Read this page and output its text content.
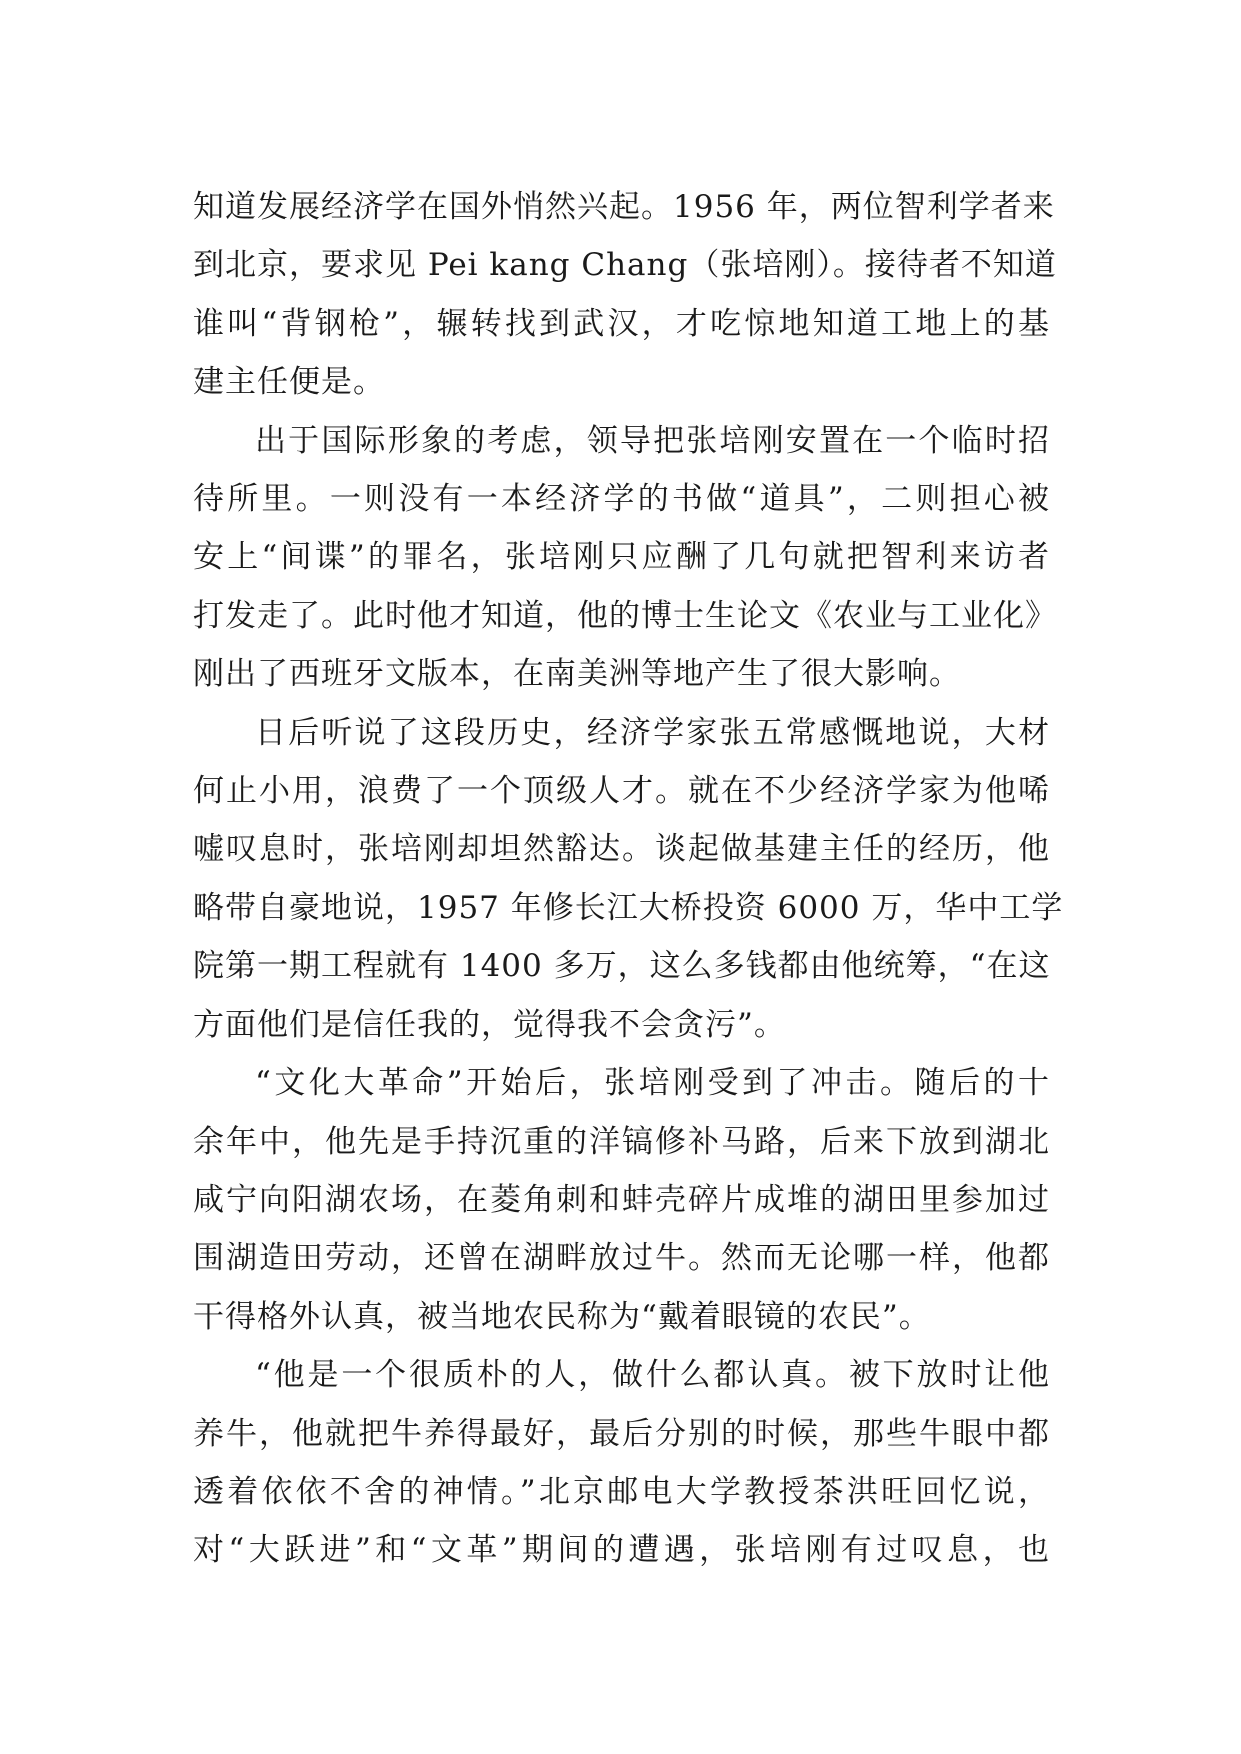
知道发展经济学在国外悄然兴起。1956 年，两位智利学者来
到北京，要求见 Pei kang Chang（张培刚）。接待者不知道
谁叫“背钢枪”，辗转找到武汉，才吃惊地知道工地上的基
建主任便是。
出于国际形象的考虑，领导把张培刚安置在一个临时招
待所里。一则没有一本经济学的书做“道具”，二则担心被
安上“间谍”的罪名，张培刚只应酬了几句就把智利来访者
打发走了。此时他才知道，他的博士生论文《农业与工业化》
刚出了西班牙文版本，在南美洲等地产生了很大影响。
日后听说了这段历史，经济学家张五常感慨地说，大材
何止小用，浪费了一个顶级人才。就在不少经济学家为他唏
嘘叹息时，张培刚却坦然豁达。谈起做基建主任的经历，他
略带自豪地说，1957 年修长江大桥投资 6000 万，华中工学
院第一期工程就有 1400 多万，这么多钱都由他统筹，“在这
方面他们是信任我的，觉得我不会贪污”。
“文化大革命”开始后，张培刚受到了冲击。随后的十
余年中，他先是手持沉重的洋镐修补马路，后来下放到湖北
咸宁向阳湖农场，在菱角刺和蚌壳碎片成堆的湖田里参加过
围湖造田劳动，还曾在湖畔放过牛。然而无论哪一样，他都
干得格外认真，被当地农民称为“戴着眼镜的农民”。
“他是一个很质朴的人，做什么都认真。被下放时让他
养牛，他就把牛养得最好，最后分别的时候，那些牛眼中都
透着依依不舍的神情。”北京邮电大学教授茶洪旺回忆说，
对“大跃进”和“文革”期间的遭遇，张培刚有过叹息，也
